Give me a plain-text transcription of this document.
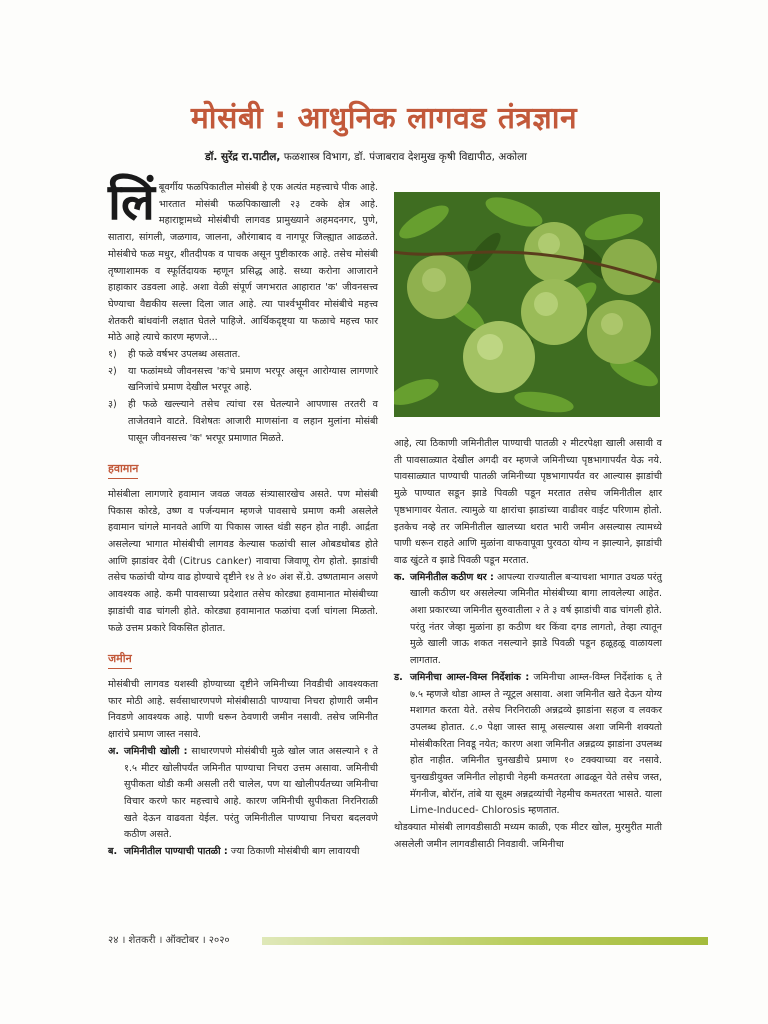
मोसंबी : आधुनिक लागवड तंत्रज्ञान
डॉ. सुरेंद्र रा.पाटील, फळशास्त्र विभाग, डॉ. पंजाबराव देशमुख कृषी विद्यापीठ, अकोला

लिंबूवर्गीय फळपिकातील मोसंबी हे एक अत्यंत महत्त्वाचे पीक आहे. भारतात मोसंबी फळपिकाखाली २३ टक्के क्षेत्र आहे. महाराष्ट्रामध्ये मोसंबीची लागवड प्रामुख्याने अहमदनगर, पुणे, सातारा, सांगली, जळगाव, जालना, औरंगाबाद व नागपूर जिल्ह्यात आढळते. मोसंबीचे फळ मधुर, शीतदीपक व पाचक असून पुष्टीकारक आहे. तसेच मोसंबी तृष्णाशामक व स्फूर्तिदायक म्हणून प्रसिद्ध आहे. सध्या करोना आजाराने हाहाकार उडवला आहे. अशा वेळी संपूर्ण जगभरात आहारात 'क' जीवनसत्त्व घेण्याचा वैद्यकीय सल्ला दिला जात आहे. त्या पार्श्वभूमीवर मोसंबीचे महत्त्व शेतकरी बांधवांनी लक्षात घेतले पाहिजे. आर्थिकदृष्ट्या या फळाचे महत्त्व फार मोठे आहे त्याचे कारण म्हणजे...

१)	ही फळे वर्षभर उपलब्ध असतात.
२)	या फळांमध्ये जीवनसत्त्व 'क'चे प्रमाण भरपूर असून आरोग्यास लागणारे खनिजांचे प्रमाण देखील भरपूर आहे.
३)	ही फळे खल्ल्याने तसेच त्यांचा रस घेतल्याने आपणास तरतरी व ताजेतवाने वाटते. विशेषतः आजारी माणसांना व लहान मुलांना मोसंबी पासून जीवनसत्त्व 'क' भरपूर प्रमाणात मिळते.
हवामान

मोसंबीला लागणारे हवामान जवळ जवळ संत्र्यासारखेच असते. पण मोसंबी पिकास कोरडे, उष्ण व पर्जन्यमान म्हणजे पावसाचे प्रमाण कमी असलेले हवामान चांगले मानवते आणि या पिकास जास्त थंडी सहन होत नाही. आर्द्रता असलेल्या भागात मोसंबीची लागवड केल्यास फळांची साल ओबडधोबड होते आणि झाडांवर देवी (Citrus canker) नावाचा जिवाणू रोग होतो. झाडांची तसेच फळांची योग्य वाढ होण्याचे दृष्टीने १४ ते ४० अंश सें.ग्रे. उष्णतामान असणे आवश्यक आहे. कमी पावसाच्या प्रदेशात तसेच कोरड्या हवामानात मोसंबीच्या झाडांची वाढ चांगली होते. कोरड्या हवामानात फळांचा दर्जा चांगला मिळतो. फळे उत्तम प्रकारे विकसित होतात.

जमीन

मोसंबीची लागवड यशस्वी होण्याच्या दृष्टीने जमिनीच्या निवडीची आवश्यकता फार मोठी आहे. सर्वसाधारणपणे मोसंबीसाठी पाण्याचा निचरा होणारी जमीन निवडणे आवश्यक आहे. पाणी धरून ठेवणारी जमीन नसावी. तसेच जमिनीत क्षारांचे प्रमाण जास्त नसावे.

अ. जमिनीची खोली : साधारणपणे मोसंबीची मुळे खोल जात असल्याने १ ते १.५ मीटर खोलीपर्यंत जमिनीत पाण्याचा निचरा उत्तम असावा. जमिनीची सुपीकता थोडी कमी असली तरी चालेल, पण या खोलीपर्यंतच्या जमिनीचा विचार करणे फार महत्त्वाचे आहे. कारण जमिनीची सुपीकता निरनिराळी खते देऊन वाढवता येईल. परंतु जमिनीतील पाण्याचा निचरा बदलवणे कठीण असते.
ब. जमिनीतील पाण्याची पातळी : ज्या ठिकाणी मोसंबीची बाग लावायची

आहे, त्या ठिकाणी जमिनीतील पाण्याची पातळी २ मीटरपेक्षा खाली असावी व ती पावसाळ्यात देखील अगदी वर म्हणजे जमिनीच्या पृष्ठभागापर्यंत येऊ नये. पावसाळ्यात पाण्याची पातळी जमिनीच्या पृष्ठभागापर्यंत वर आल्यास झाडांची मुळे पाण्यात सडून झाडे पिवळी पडून मरतात तसेच जमिनीतील क्षार पृष्ठभागावर येतात. त्यामुळे या क्षारांचा झाडांच्या वाढीवर वाईट परिणाम होतो. इतकेच नव्हे तर जमिनीतील खालच्या थरात भारी जमीन असल्यास त्यामध्ये पाणी धरून राहते आणि मुळांना वाफवापूवा पुरवठा योग्य न झाल्याने, झाडांची वाढ खुंटते व झाडे पिवळी पडून मरतात.

क. जमिनीतील कठीण थर : आपल्या राज्यातील बऱ्याचशा भागात उथळ परंतु खाली कठीण थर असलेल्या जमिनीत मोसंबीच्या बागा लावलेल्या आहेत. अशा प्रकारच्या जमिनीत सुरुवातीला २ ते ३ वर्ष झाडांची वाढ चांगली होते. परंतु नंतर जेव्हा मुळांना हा कठीण थर किंवा दगड लागतो, तेव्हा त्यातून मुळे खाली जाऊ शकत नसल्याने झाडे पिवळी पडून हळूहळू वाळायला लागतात.
ड. जमिनीचा आम्ल-विम्ल निर्देशांक : जमिनीचा आम्ल-विम्ल निर्देशांक ६ ते ७.५ म्हणजे थोडा आम्ल ते न्यूट्रल असावा. अशा जमिनीत खते देऊन योग्य मशागत करता येते. तसेच निरनिराळी अन्नद्रव्ये झाडांना सहज व लवकर उपलब्ध होतात. ८.० पेक्षा जास्त सामू असल्यास अशा जमिनी शक्यतो मोसंबीकरिता निवडू नयेत; कारण अशा जमिनीत अन्नद्रव्य झाडांना उपलब्ध होत नाहीत. जमिनीत चुनखडीचे प्रमाण १० टक्क्याच्या वर नसावे. चुनखडीयुक्त जमिनीत लोहाची नेहमी कमतरता आढळून येते तसेच जस्त, मॅगनीज, बोरॉन, तांबे या सूक्ष्म अन्नद्रव्यांची नेहमीच कमतरता भासते. याला Lime-Induced- Chlorosis म्हणतात.

थोडक्यात मोसंबी लागवडीसाठी मध्यम काळी, एक मीटर खोल, मुरमुरीत माती असलेली जमीन लागवडीसाठी निवडावी. जमिनीचा

२४ । शेतकरी । ऑक्टोबर । २०२०
